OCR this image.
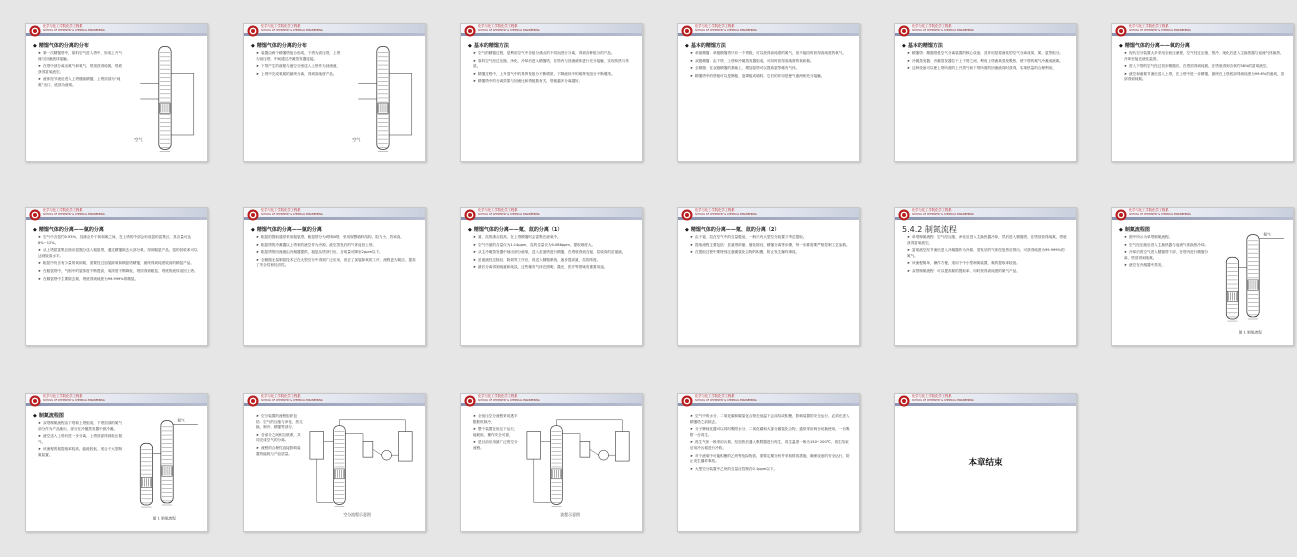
化学与化工学院化学工程系
SCHOOL OF CHEMISTRY & CHEMICAL ENGINEERING
◆ 精馏气体的分离的分布
➤ 第一次精馏塔中，原料空气进入塔中，形成上升气流与回流液体接触。
➤ 在塔中部分离出氮气和氧气，塔顶获得纯氮，塔底获得富氧液空。
➤ 液体经节流后进入上塔继续精馏，上塔顶部为“纯氮”出口，底部为液氧。
空气
化学与化工学院化学工程系
SCHOOL OF CHEMISTRY & CHEMICAL ENGINEERING
◆ 精馏气体的分离的分布
➤ 装置由两个精馏塔组合形成，下塔为高压塔，上塔为低压塔，中间通过冷凝蒸发器连接。
➤ 下塔产生的液氮与液空分别送入上塔作为回流液，
➤ 上塔中完成氧氮的最终分离，得到高纯度产品。
空气
化学与化工学院化学工程系
SCHOOL OF CHEMISTRY & CHEMICAL ENGINEERING
◆ 基本的精馏方法
➤ 空气的精馏过程，是利用空气中各组分沸点的不同而进行分离，得到各种组分的产品。
➤ 原料空气经过压缩、净化、冷却后进入精馏塔，在塔内与回流液体进行充分接触，实现传热与传质。
➤ 精馏过程中，上升蒸气中的易挥发组分不断增浓，下降液体中的难挥发组分不断增浓。
➤ 精馏塔中的分离效果与回流比和塔板数有关，塔板越多分离越好。
化学与化工学院化学工程系
SCHOOL OF CHEMISTRY & CHEMICAL ENGINEERING
◆ 基本的精馏方法
➤ 单级精馏：单级精馏塔只有一个塔段，可以获得高纯度的氮气，但不能同时获得高纯度的氧气。
➤ 双级精馏：由下塔、上塔和冷凝蒸发器组成，可同时获得高纯度的氧和氮。
➤ 全精馏：在双级精馏的基础上，增加氩塔可以提取氩等稀有气体。
➤ 精馏塔中的塔板可以是筛板、泡罩板或填料，它们的作用是使气液两相充分接触。
化学与化工学院化学工程系
SCHOOL OF CHEMISTRY & CHEMICAL ENGINEERING
◆ 基本的精馏方法
➤ 精馏塔：精馏塔是空气分离装置的核心设备，其作用是将液化的空气分离成氧、氮、氩等组分。
➤ 冷凝蒸发器：冷凝蒸发器位于上下塔之间，利用上塔液氧蒸发吸热，使下塔的氮气冷凝成液氮。
➤ 这种设备可以使上塔所需的上升蒸气和下塔所需的回流液同时获得，实现热量的合理利用。
化学与化工学院化学工程系
SCHOOL OF CHEMISTRY & CHEMICAL ENGINEERING
◆ 精馏气体的分离——氧的分离
➤ 现代空分装置大多采用全低压流程，空气经过压缩、预冷、纯化后进入主换热器与返流气体换热，冷却至接近液化温度。
➤ 进入下塔的空气经过初步精馏后，在塔顶得到纯氮，在塔底得到含氧约38%的富氧液空。
➤ 液空和液氮节流后送入上塔，在上塔中进一步精馏，最终在上塔底部得到纯度为99.6%的液氧，顶部得到纯氮。
化学与化工学院化学工程系
SCHOOL OF CHEMISTRY & CHEMICAL ENGINEERING
◆ 精馏气体的分离——氩的分离
➤ 空气中含氩约0.93%，其沸点介于氧和氮之间，在上塔的中部会形成氩的富集区，其含量可达8%~12%。
➤ 从上塔氩富集区抽出氩馏分送入粗氩塔，通过精馏除去大部分氧，得到粗氩产品，氩的回收率可以达到较高水平。
➤ 粗氩中仍含有少量的氧和氮，需要经过加氢除氧和精氩塔精馏，最终得到纯度较高的精氩产品。
➤ 在粗氩塔中，气相中的氩浓度不断提高，氧浓度不断降低，塔顶得到粗氩，塔底的液体返回上塔。
➤ 在精氩塔中主要除去氮，塔底得到纯度为99.999%的精氩。
化学与化工学院化学工程系
SCHOOL OF CHEMISTRY & CHEMICAL ENGINEERING
◆ 精馏气体的分离——氩的分离
➤ 粗氩的提取通常采用粗氩塔，粗氩塔分为Ⅰ塔和Ⅱ塔，采用规整填料结构，阻力小，效率高。
➤ 粗氩塔的冷凝器以上塔来的液空作为冷源，液空蒸发后的气体返回上塔。
➤ 粗氩塔的回流液由冷凝器提供，粗氩从塔顶引出，含氧量可降至2ppm以下。
➤ 全精馏无氢制氩技术已在大型空分中得到广泛应用，省去了加氢除氧的工序，流程更为简洁，提高了安全性和经济性。
化学与化工学院化学工程系
SCHOOL OF CHEMISTRY & CHEMICAL ENGINEERING
◆ 精馏气体的分离——氪、氙的分离（1）
➤ 氪、氙的沸点较高，在上塔精馏时会富集在液氧中。
➤ 空气中氪的含量仅为1.14ppm，氙的含量仅为0.086ppm，提取难度大。
➤ 从主冷凝蒸发器中抽出部分液氧，送入贫氪塔进行精馏，在塔底得到含氪、氙较高的贫氪液。
➤ 贫氪液经过除烃、除氧等工序后，再送入精馏系统，逐步提高氪、氙的浓度。
➤ 最后分离得到纯氪和纯氙，这些稀有气体在照明、激光、医疗等领域有重要用途。
化学与化工学院化学工程系
SCHOOL OF CHEMISTRY & CHEMICAL ENGINEERING
◆ 精馏气体的分离——氪、氙的分离（2）
➤ 由于氪、氙在空气中的含量极低，一般只有大型空分装置才考虑提取。
➤ 提取流程主要包括：贫氪塔浓缩、催化除烃、精馏分离等步骤，每一步都需要严格控制工艺参数。
➤ 在提取过程中要特别注意碳氢化合物的积聚，防止发生爆炸事故。
化学与化工学院化学工程系
SCHOOL OF CHEMISTRY & CHEMICAL ENGINEERING
5.4.2 制氮流程
➤ 单塔制氮流程：空气经压缩、净化后进入主换热器冷却，然后进入精馏塔，在塔顶获得纯氮，塔底获得富氧液空。
➤ 富氧液空经节流后进入冷凝器作为冷源，蒸发后的气体经复热后排出，可获得纯度为99.999%的氮气。
➤ 该流程简单，操作方便，适用于中小型制氮装置，氮的提取率较低。
➤ 双塔制氮流程：可以提高氮的提取率，同时获得高纯度的氮气产品。
化学与化工学院化学工程系
SCHOOL OF CHEMISTRY & CHEMICAL ENGINEERING
◆ 制氮流程图
➤ 图中所示为单塔制氮流程。
➤ 空气经压缩后进入主换热器与返流气体换热冷却。
➤ 冷却后的空气进入精馏塔下部，在塔内进行精馏分离，塔顶得到纯氮。
➤ 液空在冷凝器中蒸发。
氮气
图 1 制氮流程
化学与化工学院化学工程系
SCHOOL OF CHEMISTRY & CHEMICAL ENGINEERING
◆ 制氮流程图
➤ 双塔制氮流程由下塔和上塔组成，下塔顶部的氮气部分作为产品抽出，部分在冷凝蒸发器中被冷凝。
➤ 液空送入上塔后进一步分离，上塔顶部得到低压氮气。
➤ 该流程的氮提取率较高，能耗较低，适合于大型制氮装置。
氮气
图 1 制氮流程
化学与化工学院化学工程系
SCHOOL OF CHEMISTRY & CHEMICAL ENGINEERING
➤ 空分装置的流程组织包括：空气的压缩与净化、热交换、制冷、精馏等部分，
➤ 各部分之间相互联系，共同完成空气的分离。
➤ 流程的合理性直接影响装置的能耗与产品质量。
空分流程示意图
化学与化工学院化学工程系
SCHOOL OF CHEMISTRY & CHEMICAL ENGINEERING
➤ 全低压空分流程采用透平膨胀机制冷，
➤ 整个装置在低压下运行，能耗低，操作安全可靠，
➤ 是目前应用最广泛的空分流程。
流程示意图
化学与化工学院化学工程系
SCHOOL OF CHEMISTRY & CHEMICAL ENGINEERING
➤ 空气中的水分、二氧化碳和碳氢化合物在低温下会冻结或积聚，影响装置的安全运行，必须在进入精馏塔之前除去。
➤ 分子筛纯化器可以同时吸附水分、二氧化碳和大部分碳氢化合物，通常采用两台切换使用，一台吸附一台再生。
➤ 再生气体一般采用污氮，经加热后通入吸附器进行再生，再生温度一般为150~200℃，再生结束后用冷污氮进行冷吹。
➤ 对于液氧中可能积聚的乙炔等危险物质，需要定期分析并采取排放措施，确保设备的安全运行，防止发生爆炸事故。
➤ 大型空分装置中乙炔的含量应控制在0.1ppm以下。
化学与化工学院化学工程系
SCHOOL OF CHEMISTRY & CHEMICAL ENGINEERING
本章结束
